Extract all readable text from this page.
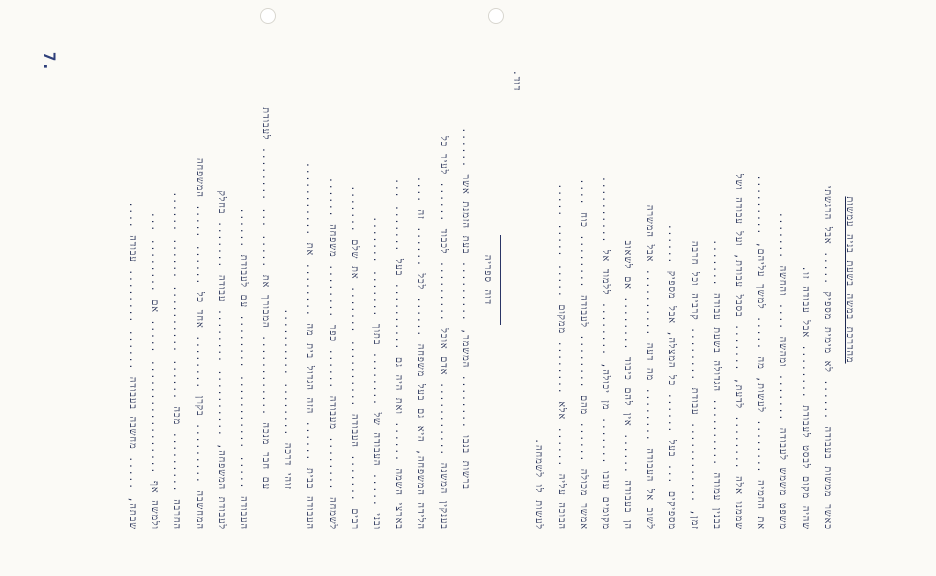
7.
מהדרכת במשה בשעת בניה עמשות
כאשר ממשות בעבודה ...... לא מימית מספיק ..... אבל הרגשתי
שהיה מקום לבסט לעבודת ........ אבל עבודה זו.
משפט משמש לעבודה ....... ומהשה .... והחשה .......
את החמיה ........ לעשות, מה ..... למשך עליהם, .........
שממנו אלה ........ לדעת, ....... בסבל עבודת, ועל עבודה ושל
בבנין עמודה .......... הגדולה בשעת עבודה .......
זמן, ............ עבודת ........ קרביה וכל חרבה
מספיקים ... בעל ...... כל המצלה, אבל מספיק ......
לשוב אל העבודה ........ מה דעה .......... אבל המשרה
הן בעבודה ...... אין להם כיבוד ........ אם לשאוב
מקומים עזבו ....... מן יכולה, ........ ללמוד אל ..........
אמשר מכולה ...... מהם ........ לעבודה ........ כוח ....
הבוכה עליה ...... אלא ........ ממקום ..... ..... .....
לעשות לו לשמחה.
דוד.
דוה ספריה
ברשות בנבו ........ המשמר, ......... בעת הזמנת אשר ......
בענקין המשנה ........... אדם אוכל ......... לכבוד ...... לעיר כל
הלידה המשפחה, היא גם בעל משפחה ...... לכל ...... זה ....
בארצי השמה ...... ואת היה גם .......... בעל ....... ...
ובני ..... העבודה של ........ בתוך ....... .......
רבים ....... העבודה .......... ....... את שלם .......
לשמחה ........ מעבודה ...... כפר ........ משפחה ......
העבודה בבית ...... הזה הגדול בית מה ........ את ...........
זוהי דרכה ........ ..........
עם חבר מנכה ............ המבורך את ..... ... ........ לעבודת
העבודה ..... ........... ........ עם לעבודת ......
לעבודת המשפחה, .......... ........ עבודה ....... בחלק
המחשבה ......... בקרן ........ אחד כל ...... ..... המשפחה
החרבה ......... מכה ...... .......... ...... ......
ולמשה אף ................. ..... אם ........ ...
שבתה, ..... מחשבה בעבודה ...... ........ עבודה ....
